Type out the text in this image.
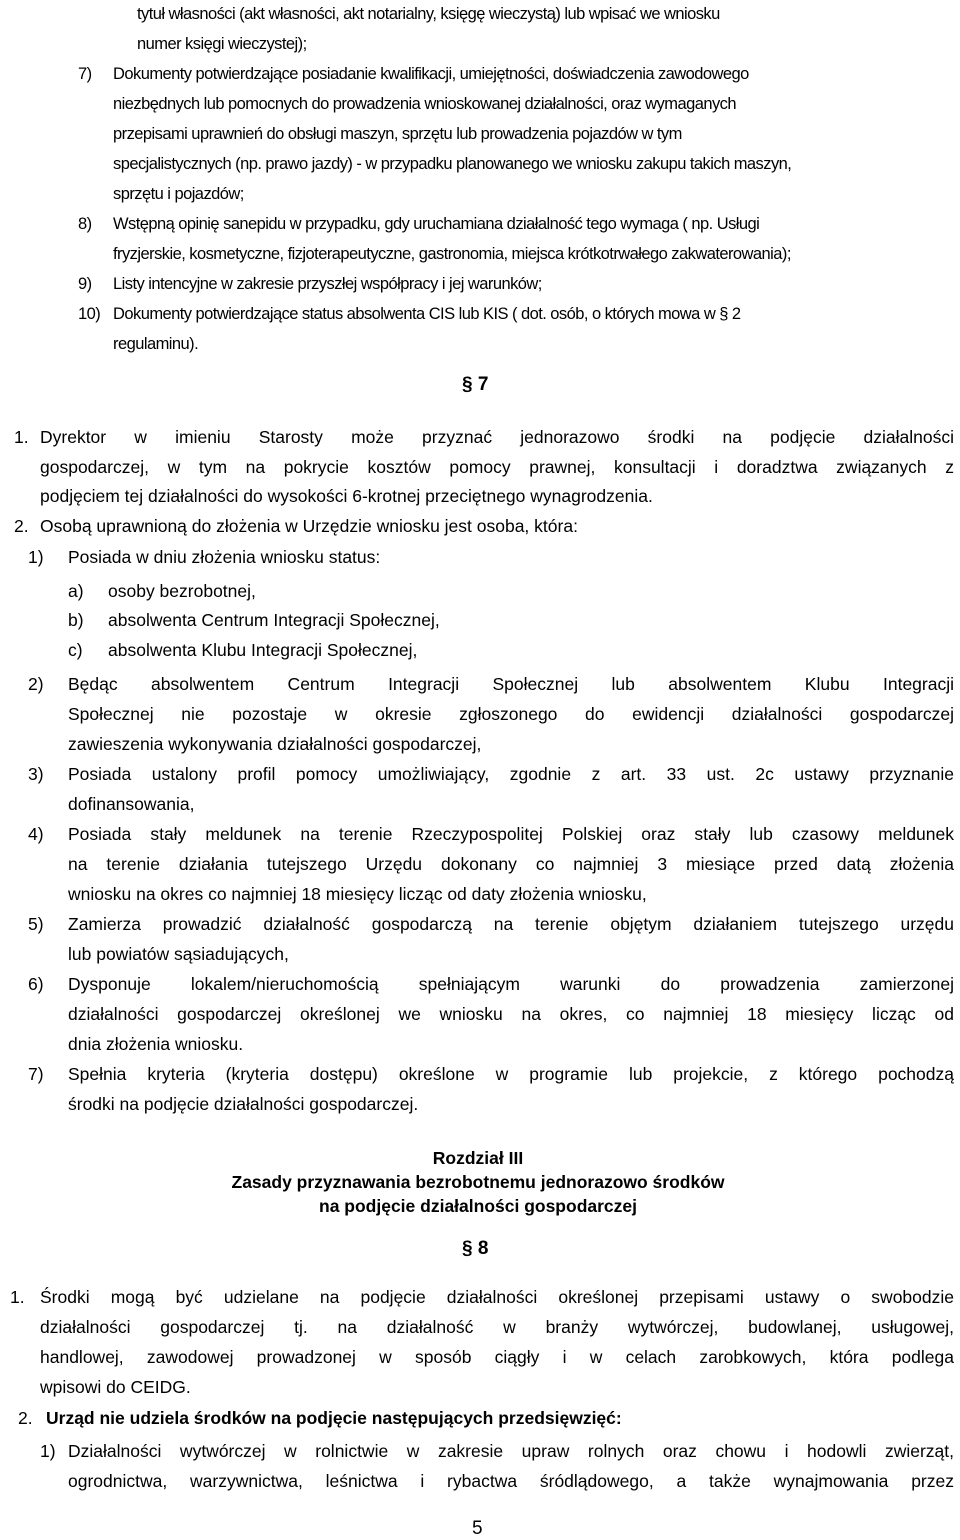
tytuł własności (akt własności, akt notarialny, księgę wieczystą) lub wpisać we wniosku
numer księgi wieczystej);
7) Dokumenty potwierdzające posiadanie kwalifikacji, umiejętności, doświadczenia zawodowego
niezbędnych lub pomocnych do prowadzenia wnioskowanej działalności, oraz wymaganych
przepisami uprawnień do obsługi maszyn, sprzętu lub prowadzenia pojazdów w tym
specjalistycznych (np. prawo jazdy) - w przypadku planowanego we wniosku zakupu takich maszyn,
sprzętu i pojazdów;
8) Wstępną opinię sanepidu w przypadku, gdy uruchamiana działalność tego wymaga ( np. Usługi
fryzjerskie, kosmetyczne, fizjoterapeutyczne, gastronomia, miejsca krótkotrwałego zakwaterowania);
9) Listy intencyjne w zakresie przyszłej współpracy i jej warunków;
10) Dokumenty potwierdzające status absolwenta CIS lub KIS ( dot. osób, o których mowa w § 2
regulaminu).
§ 7
1. Dyrektor w imieniu Starosty może przyznać jednorazowo środki na podjęcie działalności
gospodarczej, w tym na pokrycie kosztów pomocy prawnej, konsultacji i doradztwa związanych z
podjęciem tej działalności do wysokości 6-krotnej przeciętnego wynagrodzenia.
2. Osobą uprawnioną do złożenia w Urzędzie wniosku jest osoba, która:
1) Posiada w dniu złożenia wniosku status:
a) osoby bezrobotnej,
b) absolwenta Centrum Integracji Społecznej,
c) absolwenta Klubu Integracji Społecznej,
2) Będąc absolwentem Centrum Integracji Społecznej lub absolwentem Klubu Integracji
Społecznej nie pozostaje w okresie zgłoszonego do ewidencji działalności gospodarczej
zawieszenia wykonywania działalności gospodarczej,
3) Posiada ustalony profil pomocy umożliwiający, zgodnie z art. 33 ust. 2c ustawy przyznanie
dofinansowania,
4) Posiada stały meldunek na terenie Rzeczypospolitej Polskiej oraz stały lub czasowy meldunek
na terenie działania tutejszego Urzędu dokonany co najmniej 3 miesiące przed datą złożenia
wniosku na okres co najmniej 18 miesięcy licząc od daty złożenia wniosku,
5) Zamierza prowadzić działalność gospodarczą na terenie objętym działaniem tutejszego urzędu
lub powiatów sąsiadujących,
6) Dysponuje lokalem/nieruchomością spełniającym warunki do prowadzenia zamierzonej
działalności gospodarczej określonej we wniosku na okres, co najmniej 18 miesięcy licząc od
dnia złożenia wniosku.
7) Spełnia kryteria (kryteria dostępu) określone w programie lub projekcie, z którego pochodzą
środki na podjęcie działalności gospodarczej.
Rozdział III
Zasady przyznawania bezrobotnemu jednorazowo środków
na podjęcie działalności gospodarczej
§ 8
1. Środki mogą być udzielane na podjęcie działalności określonej przepisami ustawy o swobodzie
działalności gospodarczej tj. na działalność w branży wytwórczej, budowlanej, usługowej,
handlowej, zawodowej prowadzonej w sposób ciągły i w celach zarobkowych, która podlega
wpisowi do CEIDG.
2. Urząd nie udziela środków na podjęcie następujących przedsięwzięć:
1) Działalności wytwórczej w rolnictwie w zakresie upraw rolnych oraz chowu i hodowli zwierząt,
ogrodnictwa, warzywnictwa, leśnictwa i rybactwa śródlądowego, a także wynajmowania przez
5
